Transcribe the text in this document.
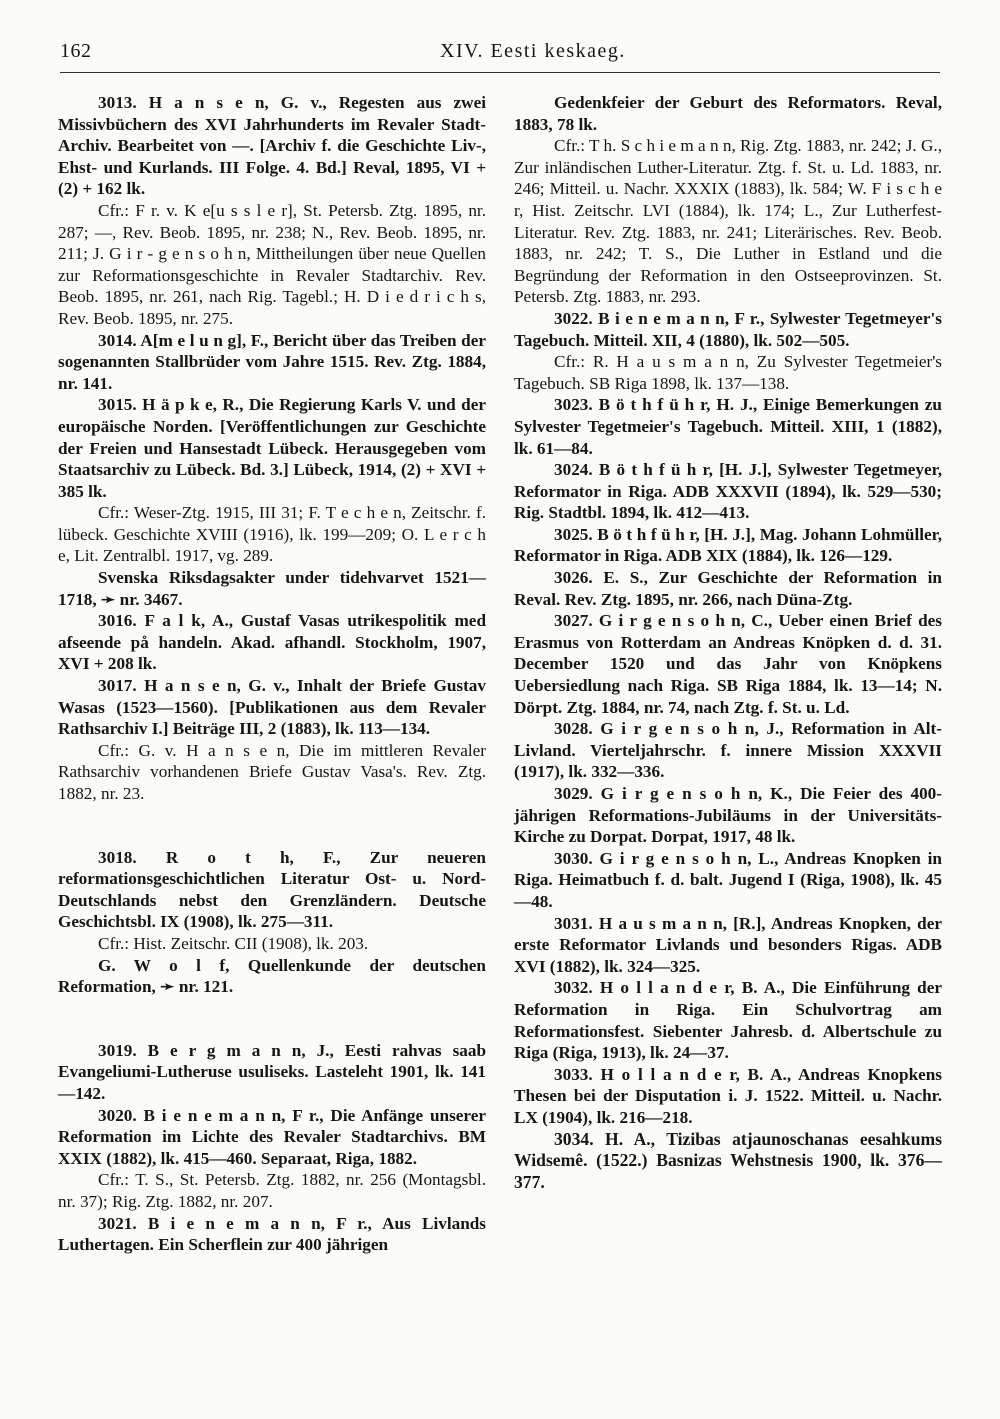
162	XIV. Eesti keskaeg.

3013. H a n s e n, G. v., Regesten aus zwei Missivbüchern des XVI Jahrhunderts im Revaler Stadt-Archiv. Bearbeitet von —. [Archiv f. die Geschichte Liv-, Ehst- und Kurlands. III Folge. 4. Bd.] Reval, 1895, VI + (2) + 162 lk.

Cfr.: F r. v. K e[u s s l e r], St. Petersb. Ztg. 1895, nr. 287; —, Rev. Beob. 1895, nr. 238; N., Rev. Beob. 1895, nr. 211; J. G i r - g e n s o h n, Mittheilungen über neue Quellen zur Reformationsgeschichte in Revaler Stadtarchiv. Rev. Beob. 1895, nr. 261, nach Rig. Tagebl.; H. D i e d r i c h s, Rev. Beob. 1895, nr. 275.

3014. A[m e l u n g], F., Bericht über das Treiben der sogenannten Stallbrüder vom Jahre 1515. Rev. Ztg. 1884, nr. 141.

3015. H ä p k e, R., Die Regierung Karls V. und der europäische Norden. [Veröffentlichungen zur Geschichte der Freien und Hansestadt Lübeck. Herausgegeben vom Staatsarchiv zu Lübeck. Bd. 3.] Lübeck, 1914, (2) + XVI + 385 lk.

Cfr.: Weser-Ztg. 1915, III 31; F. T e c h e n, Zeitschr. f. lübeck. Geschichte XVIII (1916), lk. 199—209; O. L e r c h e, Lit. Zentralbl. 1917, vg. 289.

Svenska Riksdagsakter under tidehvarvet 1521—1718, ➛ nr. 3467.

3016. F a l k, A., Gustaf Vasas utrikespolitik med afseende på handeln. Akad. afhandl. Stockholm, 1907, XVI + 208 lk.

3017. H a n s e n, G. v., Inhalt der Briefe Gustav Wasas (1523—1560). [Publikationen aus dem Revaler Rathsarchiv I.] Beiträge III, 2 (1883), lk. 113—134.

Cfr.: G. v. H a n s e n, Die im mittleren Revaler Rathsarchiv vorhandenen Briefe Gustav Vasa's. Rev. Ztg. 1882, nr. 23.

3018. R o t h, F., Zur neueren reformationsgeschichtlichen Literatur Ost- u. Nord-Deutschlands nebst den Grenzländern. Deutsche Geschichtsbl. IX (1908), lk. 275—311.

Cfr.: Hist. Zeitschr. CII (1908), lk. 203.

G. W o l f, Quellenkunde der deutschen Reformation, ➛ nr. 121.

3019. B e r g m a n n, J., Eesti rahvas saab Evangeliumi-Lutheruse usuliseks. Lasteleht 1901, lk. 141—142.

3020. B i e n e m a n n, F r., Die Anfänge unserer Reformation im Lichte des Revaler Stadtarchivs. BM XXIX (1882), lk. 415—460. Separaat, Riga, 1882.

Cfr.: T. S., St. Petersb. Ztg. 1882, nr. 256 (Montagsbl. nr. 37); Rig. Ztg. 1882, nr. 207.

3021. B i e n e m a n n, F r., Aus Livlands Luthertagen. Ein Scherflein zur 400 jährigen

Gedenkfeier der Geburt des Reformators. Reval, 1883, 78 lk.

Cfr.: T h. S c h i e m a n n, Rig. Ztg. 1883, nr. 242; J. G., Zur inländischen Luther-Literatur. Ztg. f. St. u. Ld. 1883, nr. 246; Mitteil. u. Nachr. XXXIX (1883), lk. 584; W. F i s c h e r, Hist. Zeitschr. LVI (1884), lk. 174; L., Zur Lutherfest-Literatur. Rev. Ztg. 1883, nr. 241; Literärisches. Rev. Beob. 1883, nr. 242; T. S., Die Luther in Estland und die Begründung der Reformation in den Ostseeprovinzen. St. Petersb. Ztg. 1883, nr. 293.

3022. B i e n e m a n n, F r., Sylwester Tegetmeyer's Tagebuch. Mitteil. XII, 4 (1880), lk. 502—505.

Cfr.: R. H a u s m a n n, Zu Sylvester Tegetmeier's Tagebuch. SB Riga 1898, lk. 137—138.

3023. B ö t h f ü h r, H. J., Einige Bemerkungen zu Sylvester Tegetmeier's Tagebuch. Mitteil. XIII, 1 (1882), lk. 61—84.

3024. B ö t h f ü h r, [H. J.], Sylwester Tegetmeyer, Reformator in Riga. ADB XXXVII (1894), lk. 529—530; Rig. Stadtbl. 1894, lk. 412—413.

3025. B ö t h f ü h r, [H. J.], Mag. Johann Lohmüller, Reformator in Riga. ADB XIX (1884), lk. 126—129.

3026. E. S., Zur Geschichte der Reformation in Reval. Rev. Ztg. 1895, nr. 266, nach Düna-Ztg.

3027. G i r g e n s o h n, C., Ueber einen Brief des Erasmus von Rotterdam an Andreas Knöpken d. d. 31. December 1520 und das Jahr von Knöpkens Uebersiedlung nach Riga. SB Riga 1884, lk. 13—14; N. Dörpt. Ztg. 1884, nr. 74, nach Ztg. f. St. u. Ld.

3028. G i r g e n s o h n, J., Reformation in Alt-Livland. Vierteljahrschr. f. innere Mission XXXVII (1917), lk. 332—336.

3029. G i r g e n s o h n, K., Die Feier des 400-jährigen Reformations-Jubiläums in der Universitäts-Kirche zu Dorpat. Dorpat, 1917, 48 lk.

3030. G i r g e n s o h n, L., Andreas Knopken in Riga. Heimatbuch f. d. balt. Jugend I (Riga, 1908), lk. 45—48.

3031. H a u s m a n n, [R.], Andreas Knopken, der erste Reformator Livlands und besonders Rigas. ADB XVI (1882), lk. 324—325.

3032. H o l l a n d e r, B. A., Die Einführung der Reformation in Riga. Ein Schulvortrag am Reformationsfest. Siebenter Jahresb. d. Albertschule zu Riga (Riga, 1913), lk. 24—37.

3033. H o l l a n d e r, B. A., Andreas Knopkens Thesen bei der Disputation i. J. 1522. Mitteil. u. Nachr. LX (1904), lk. 216—218.

3034. H. A., Tizibas atjaunoschanas eesahkums Widsemê. (1522.) Basnizas Wehstnesis 1900, lk. 376—377.
